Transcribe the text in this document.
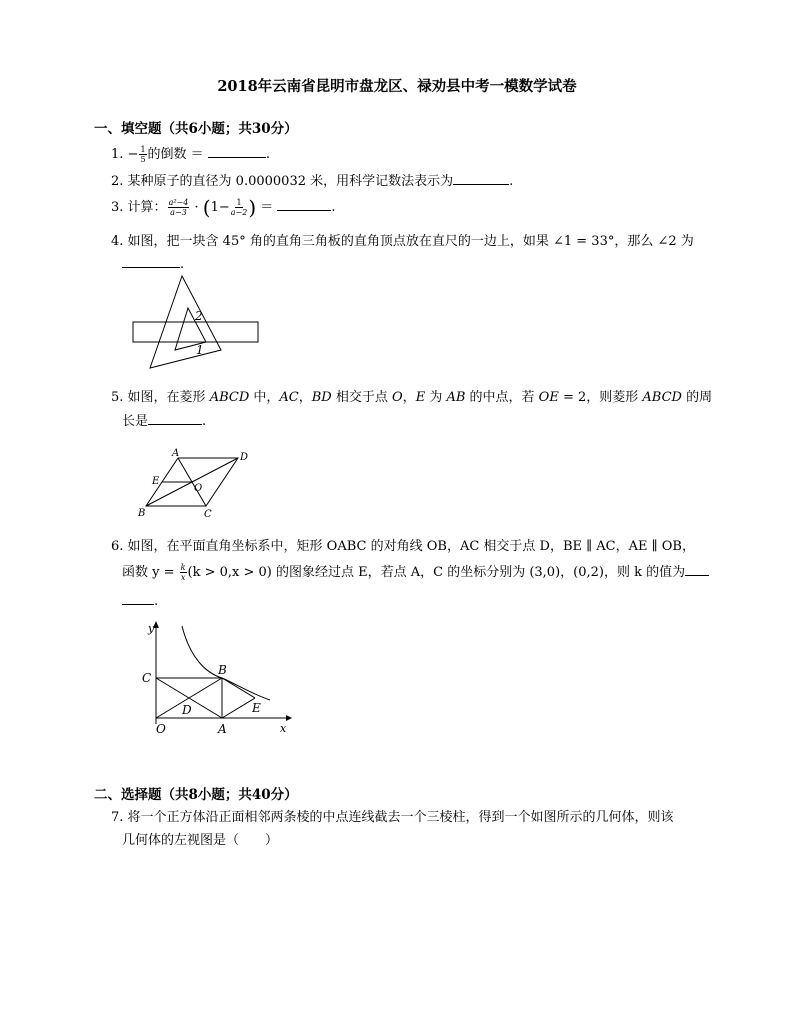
2018年云南省昆明市盘龙区、禄劝县中考一模数学试卷
一、填空题（共6小题；共30分）
1. − $\frac{1}{5}$ 的倒数 ＝	.
2. 某种原子的直径为 0.0000032 米，用科学记数法表示为	.
3. 计算： $\frac{\text{a²−4}}{a-3} \cdot (1- \frac{1}{a-2}$ ) ＝	.
4. 如图，把一块含 45° 角的直角三角板的直角顶点放在直尺的一边上，如果 ∠1 = 33°，那么 ∠2 为
.
2
1
5. 如图，在菱形 ABCD 中，AC，BD 相交于点 O，E 为 AB 的中点，若 OE = 2，则菱形 ABCD 的周
长是	.
A	D
E
O
B	C
6. 如图，在平面直角坐标系中，矩形 OABC 的对角线 OB，AC 相交于点 D，BE ∥ AC，AE ∥ OB，
函数 $y = \frac{k}{x} (k > 0,x > 0)$ 的图象经过点 E，若点 A，C 的坐标分别为 (3,0)，(0,2)，则 k 的值为
.
y
x
C
B
D	E
O	A
二、选择题（共8小题；共40分）
7. 将一个正方体沿正面相邻两条棱的中点连线截去一个三棱柱，得到一个如图所示的几何体，则该
几何体的左视图是（　　）
